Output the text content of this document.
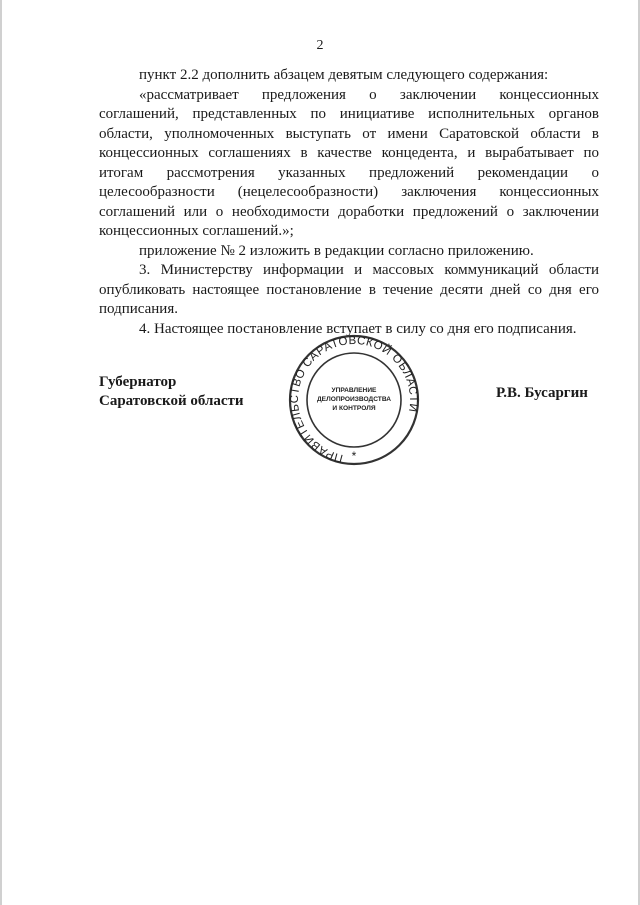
2

пункт 2.2 дополнить абзацем девятым следующего содержания:

«рассматривает предложения о заключении концессионных соглашений, представленных по инициативе исполнительных органов области, уполномоченных выступать от имени Саратовской области в концессионных соглашениях в качестве концедента, и вырабатывает по итогам рассмотрения указанных предложений рекомендации о целесообразности (нецелесообразности) заключения концессионных соглашений или о необходимости доработки предложений о заключении концессионных соглашений.»;

приложение № 2 изложить в редакции согласно приложению.

3. Министерству информации и массовых коммуникаций области опубликовать настоящее постановление в течение десяти дней со дня его подписания.

4. Настоящее постановление вступает в силу со дня его подписания.

Губернатор
Саратовской области
ПРАВИТЕЛЬСТВО САРАТОВСКОЙ ОБЛАСТИ
УПРАВЛЕНИЕ
ДЕЛОПРОИЗВОДСТВА
И КОНТРОЛЯ
*
Р.В. Бусаргин
